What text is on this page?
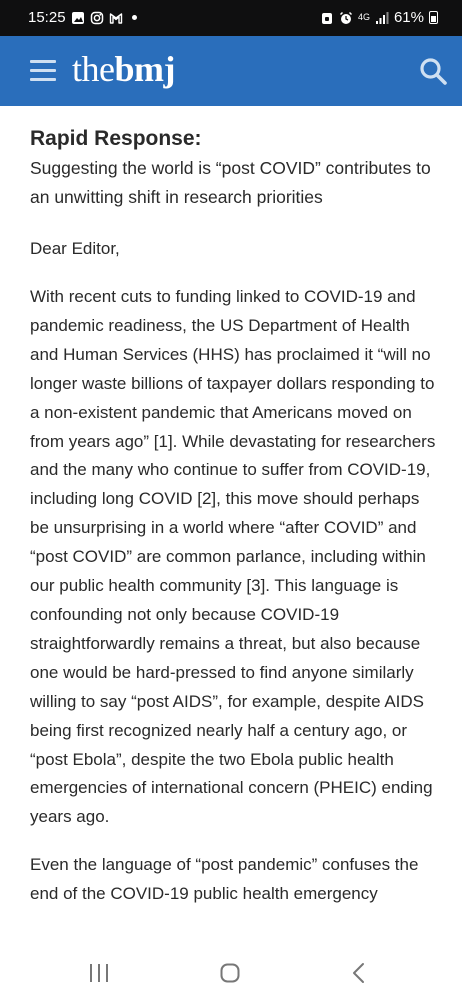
15:25	4G 61%
thebmj
Rapid Response:

Suggesting the world is “post COVID” contributes to an unwitting shift in research priorities

Dear Editor,

With recent cuts to funding linked to COVID-19 and pandemic readiness, the US Department of Health and Human Services (HHS) has proclaimed it “will no longer waste billions of taxpayer dollars responding to a non-existent pandemic that Americans moved on from years ago” [1]. While devastating for researchers and the many who continue to suffer from COVID-19, including long COVID [2], this move should perhaps be unsurprising in a world where “after COVID” and “post COVID” are common parlance, including within our public health community [3]. This language is confounding not only because COVID-19 straightforwardly remains a threat, but also because one would be hard-pressed to find anyone similarly willing to say “post AIDS”, for example, despite AIDS being first recognized nearly half a century ago, or “post Ebola”, despite the two Ebola public health emergencies of international concern (PHEIC) ending years ago.

Even the language of “post pandemic” confuses the end of the COVID-19 public health emergency
